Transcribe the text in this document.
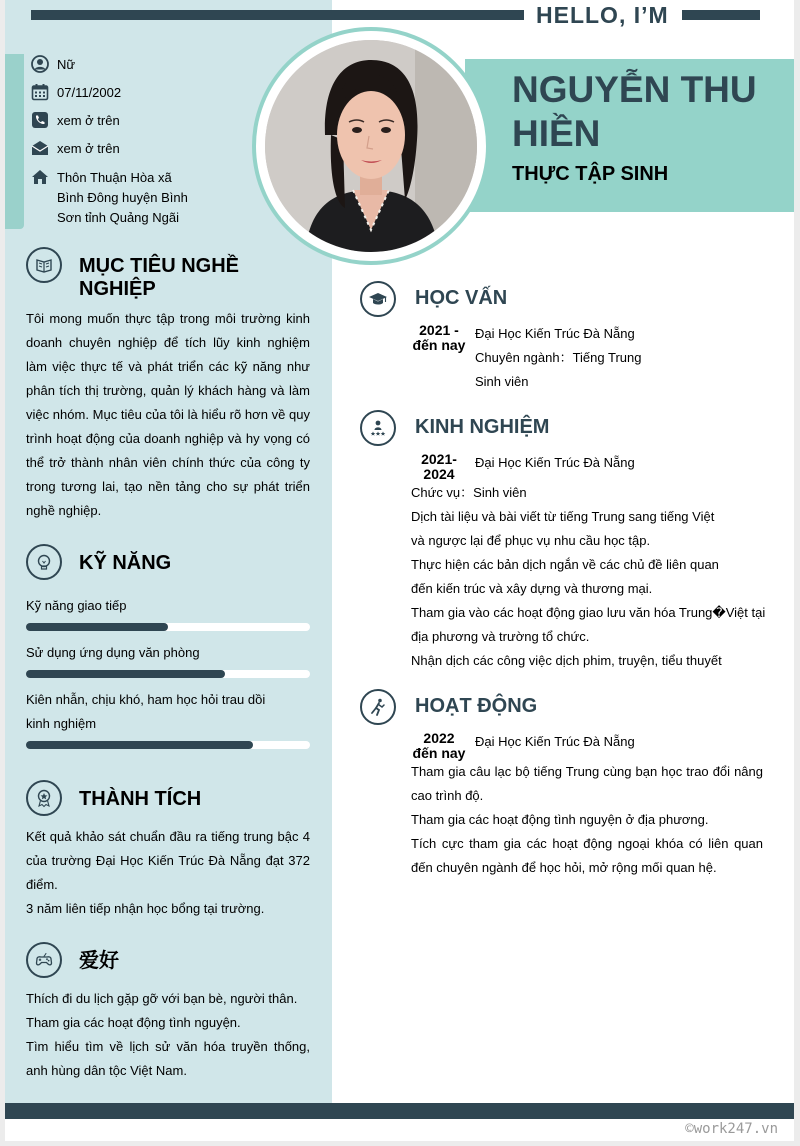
HELLO, I’M
NGUYỄN THU HIỀN
THỰC TẬP SINH
Nữ
07/11/2002
xem ở trên
xem ở trên
Thôn Thuận Hòa xã
Bình Đông huyện Bình
Sơn tỉnh Quảng Ngãi
MỤC TIÊU NGHỀ
NGHIỆP
Tôi mong muốn thực tập trong môi trường kinh doanh chuyên nghiệp để tích lũy kinh nghiệm làm việc thực tế và phát triển các kỹ năng như phân tích thị trường, quản lý khách hàng và làm việc nhóm. Mục tiêu của tôi là hiểu rõ hơn về quy trình hoạt động của doanh nghiệp và hy vọng có thể trở thành nhân viên chính thức của công ty trong tương lai, tạo nền tảng cho sự phát triển nghề nghiệp.
KỸ NĂNG
Kỹ năng giao tiếp
Sử dụng ứng dụng văn phòng
Kiên nhẫn, chịu khó, ham học hỏi trau dồi
kinh nghiệm
THÀNH TÍCH
Kết quả khảo sát chuẩn đầu ra tiếng trung bậc 4 của trường Đại Học Kiến Trúc Đà Nẵng đạt 372 điểm.
3 năm liên tiếp nhận học bổng tại trường.
爱好
Thích đi du lịch gặp gỡ với bạn bè, người thân.
Tham gia các hoạt động tình nguyện.
Tìm hiểu tìm về lịch sử văn hóa truyền thống, anh hùng dân tộc Việt Nam.
HỌC VẤN
2021 -
đến nay
Đại Học Kiến Trúc Đà Nẵng
Chuyên ngành：Tiếng Trung
Sinh viên
KINH NGHIỆM
2021-
2024
Đại Học Kiến Trúc Đà Nẵng
Chức vụ：Sinh viên
Dịch tài liệu và bài viết từ tiếng Trung sang tiếng Việt
và ngược lại để phục vụ nhu cầu học tập.
Thực hiện các bản dịch ngắn về các chủ đề liên quan
đến kiến trúc và xây dựng và thương mại.
Tham gia vào các hoạt động giao lưu văn hóa Trung�Việt tại
địa phương và trường tổ chức.
Nhận dịch các công việc dịch phim, truyện, tiểu thuyết
HOẠT ĐỘNG
2022
đến nay
Đại Học Kiến Trúc Đà Nẵng
Tham gia câu lạc bộ tiếng Trung cùng bạn học trao đổi nâng cao trình độ.
Tham gia các hoạt động tình nguyện ở địa phương.
Tích cực tham gia các hoạt động ngoại khóa có liên quan đến chuyên ngành để học hỏi, mở rộng mối quan hệ.
©work247.vn
